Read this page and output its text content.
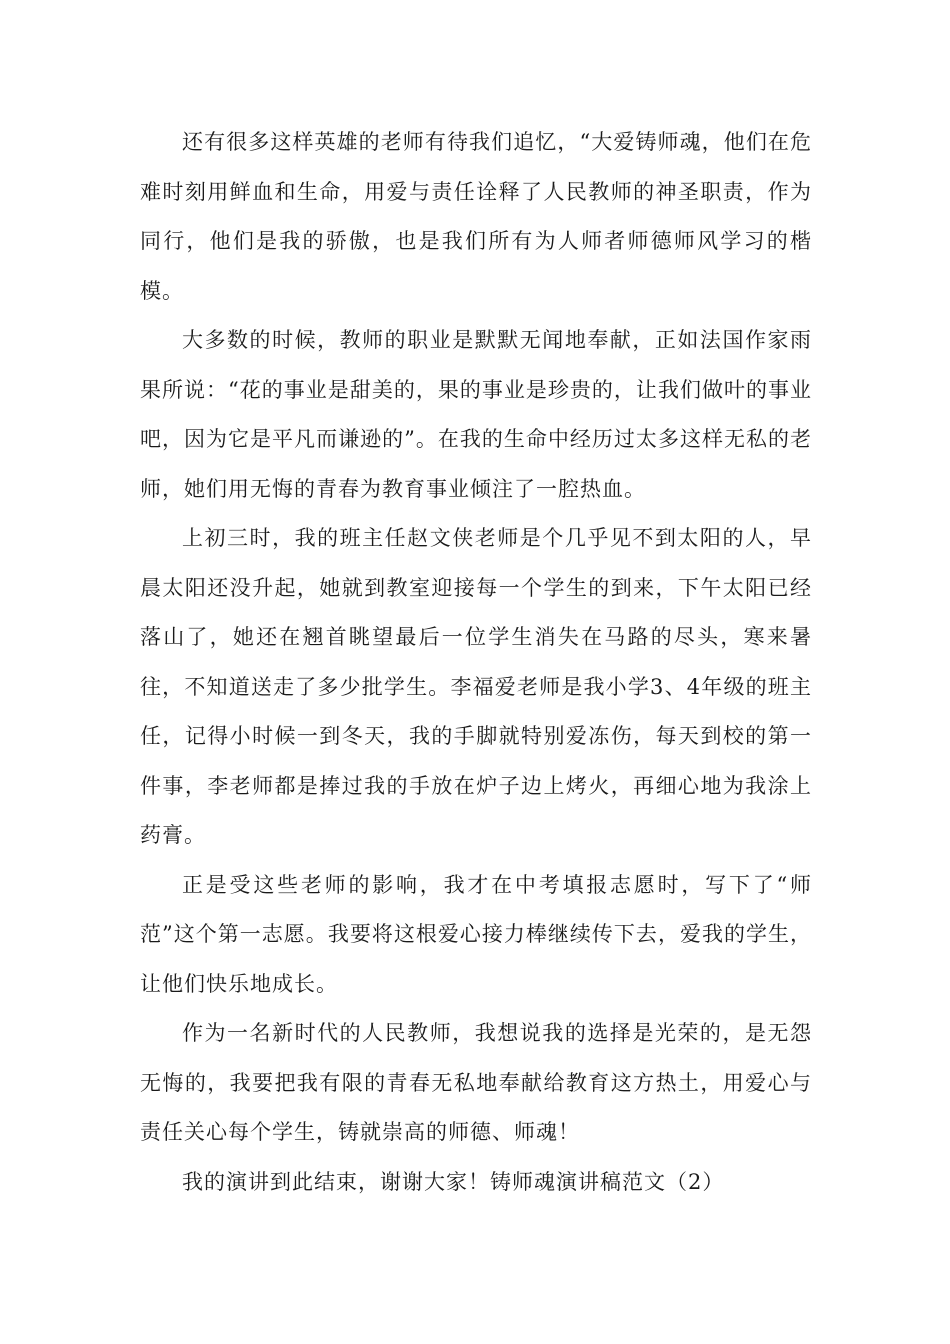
还有很多这样英雄的老师有待我们追忆，“大爱铸师魂，他们在危难时刻用鲜血和生命，用爱与责任诠释了人民教师的神圣职责，作为同行，他们是我的骄傲，也是我们所有为人师者师德师风学习的楷模。

大多数的时候，教师的职业是默默无闻地奉献，正如法国作家雨果所说：“花的事业是甜美的，果的事业是珍贵的，让我们做叶的事业吧，因为它是平凡而谦逊的”。在我的生命中经历过太多这样无私的老师，她们用无悔的青春为教育事业倾注了一腔热血。

上初三时，我的班主任赵文侠老师是个几乎见不到太阳的人，早晨太阳还没升起，她就到教室迎接每一个学生的到来，下午太阳已经落山了，她还在翘首眺望最后一位学生消失在马路的尽头，寒来暑往，不知道送走了多少批学生。李福爱老师是我小学3、4年级的班主任，记得小时候一到冬天，我的手脚就特别爱冻伤，每天到校的第一件事，李老师都是捧过我的手放在炉子边上烤火，再细心地为我涂上药膏。

正是受这些老师的影响，我才在中考填报志愿时，写下了“师范”这个第一志愿。我要将这根爱心接力棒继续传下去，爱我的学生，让他们快乐地成长。

作为一名新时代的人民教师，我想说我的选择是光荣的，是无怨无悔的，我要把我有限的青春无私地奉献给教育这方热土，用爱心与责任关心每个学生，铸就崇高的师德、师魂！

我的演讲到此结束，谢谢大家！铸师魂演讲稿范文（2）
